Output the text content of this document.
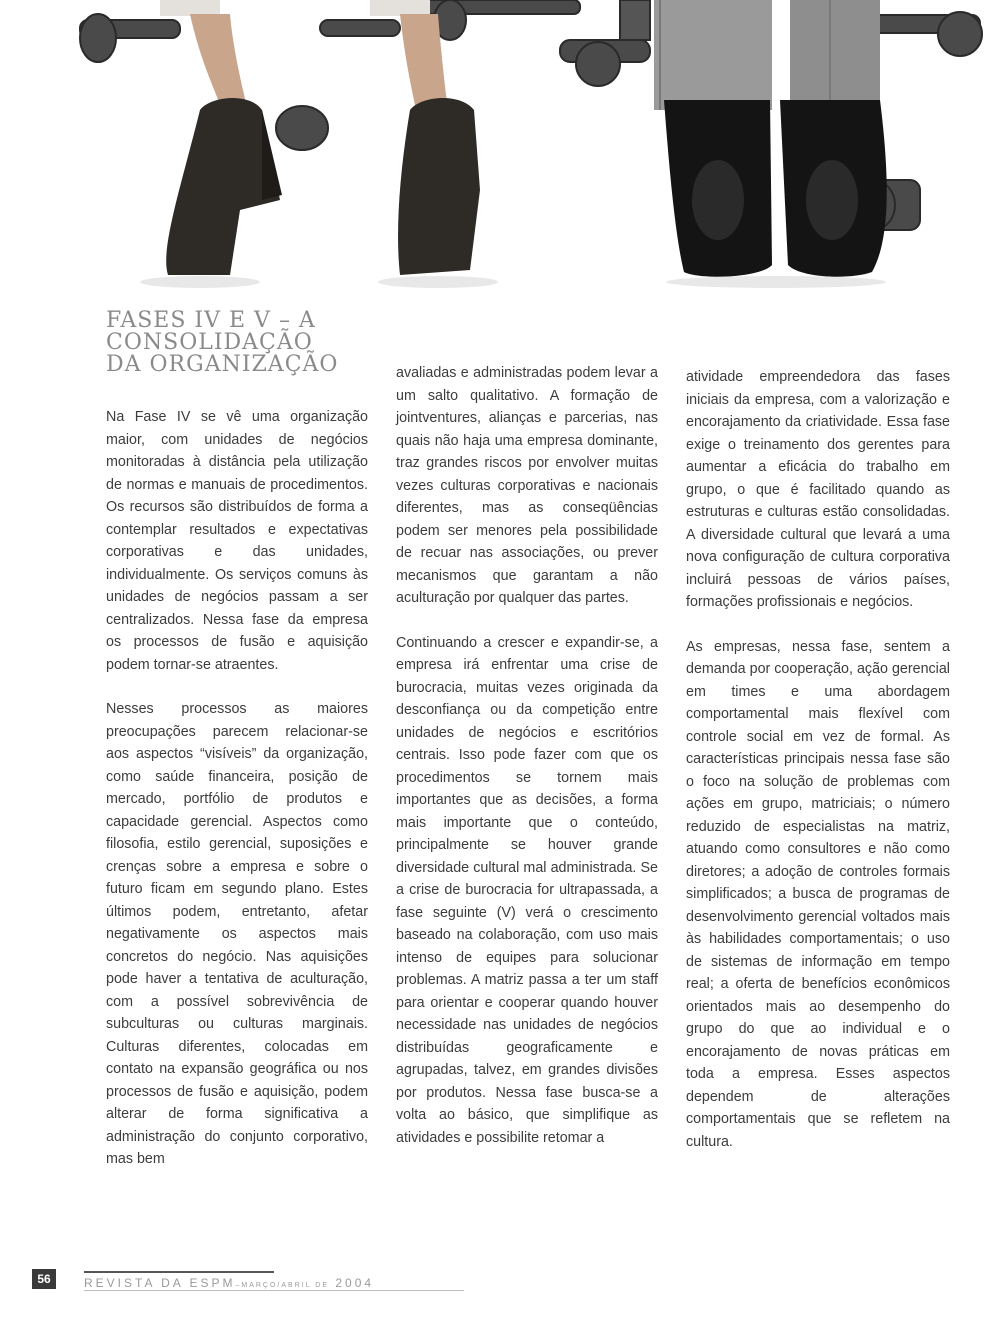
FASES IV E V – A
CONSOLIDAÇÃO
DA ORGANIZAÇÃO

Na Fase IV se vê uma organização maior, com unidades de negócios monitoradas à distância pela utilização de normas e manuais de procedimentos. Os recursos são distribuídos de forma a contemplar resultados e expectativas corporativas e das unidades, individualmente. Os serviços comuns às unidades de negócios passam a ser centralizados. Nessa fase da empresa os processos de fusão e aquisição podem tornar-se atraentes.

Nesses processos as maiores preocupações parecem relacionar-se aos aspectos “visíveis” da organização, como saúde financeira, posição de mercado, portfólio de produtos e capacidade gerencial. Aspectos como filosofia, estilo gerencial, suposições e crenças sobre a empresa e sobre o futuro ficam em segundo plano. Estes últimos podem, entretanto, afetar negativamente os aspectos mais concretos do negócio. Nas aquisições pode haver a tentativa de aculturação, com a possível sobrevivência de subculturas ou culturas marginais. Culturas diferentes, colocadas em contato na expansão geográfica ou nos processos de fusão e aquisição, podem alterar de forma significativa a administração do conjunto corporativo, mas bem

avaliadas e administradas podem levar a um salto qualitativo. A formação de jointventures, alianças e parcerias, nas quais não haja uma empresa dominante, traz grandes riscos por envolver muitas vezes culturas corporativas e nacionais diferentes, mas as conseqüências podem ser menores pela possibilidade de recuar nas associações, ou prever mecanismos que garantam a não aculturação por qualquer das partes.

Continuando a crescer e expandir-se, a empresa irá enfrentar uma crise de burocracia, muitas vezes originada da desconfiança ou da competição entre unidades de negócios e escritórios centrais. Isso pode fazer com que os procedimentos se tornem mais importantes que as decisões, a forma mais importante que o conteúdo, principalmente se houver grande diversidade cultural mal administrada. Se a crise de burocracia for ultrapassada, a fase seguinte (V) verá o crescimento baseado na colaboração, com uso mais intenso de equipes para solucionar problemas. A matriz passa a ter um staff para orientar e cooperar quando houver necessidade nas unidades de negócios distribuídas geograficamente e agrupadas, talvez, em grandes divisões por produtos. Nessa fase busca-se a volta ao básico, que simplifique as atividades e possibilite retomar a

atividade empreendedora das fases iniciais da empresa, com a valorização e encorajamento da criatividade. Essa fase exige o treinamento dos gerentes para aumentar a eficácia do trabalho em grupo, o que é facilitado quando as estruturas e culturas estão consolidadas. A diversidade cultural que levará a uma nova configuração de cultura corporativa incluirá pessoas de vários países, formações profissionais e negócios.

As empresas, nessa fase, sentem a demanda por cooperação, ação gerencial em times e uma abordagem comportamental mais flexível com controle social em vez de formal. As características principais nessa fase são o foco na solução de problemas com ações em grupo, matriciais; o número reduzido de especialistas na matriz, atuando como consultores e não como diretores; a adoção de controles formais simplificados; a busca de programas de desenvolvimento gerencial voltados mais às habilidades comportamentais; o uso de sistemas de informação em tempo real; a oferta de benefícios econômicos orientados mais ao desempenho do grupo do que ao individual e o encorajamento de novas práticas em toda a empresa. Esses aspectos dependem de alterações comportamentais que se refletem na cultura.

56	REVISTA DA ESPM–MARÇO/ABRIL DE 2004
